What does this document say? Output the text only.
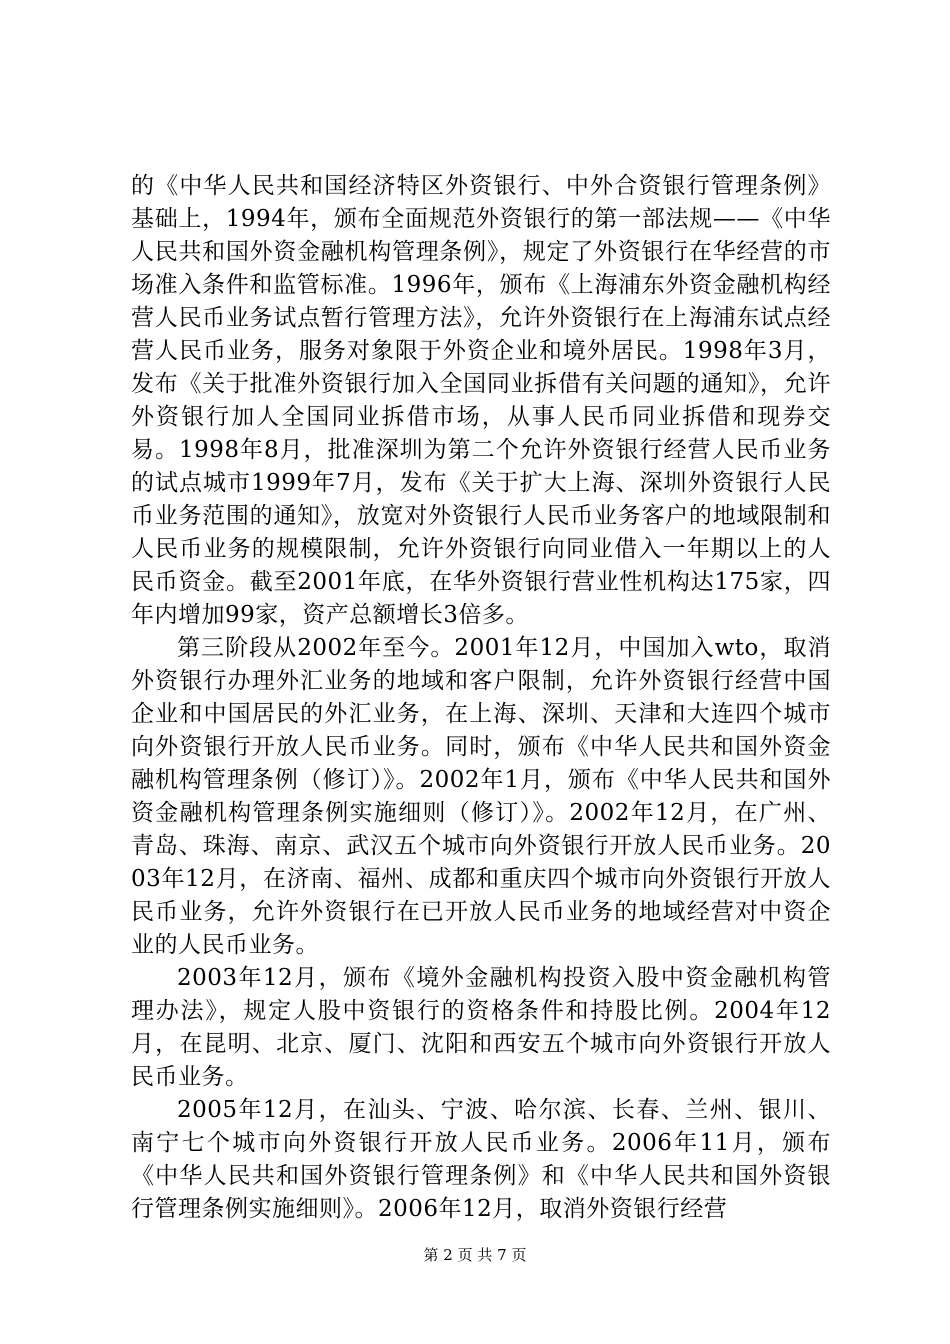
的《中华人民共和国经济特区外资银行、中外合资银行管理条例》基础上，1994年，颁布全面规范外资银行的第一部法规——《中华人民共和国外资金融机构管理条例》，规定了外资银行在华经营的市场准入条件和监管标准。1996年，颁布《上海浦东外资金融机构经营人民币业务试点暂行管理方法》，允许外资银行在上海浦东试点经营人民币业务，服务对象限于外资企业和境外居民。1998年3月，发布《关于批准外资银行加入全国同业拆借有关问题的通知》，允许外资银行加人全国同业拆借市场，从事人民币同业拆借和现券交易。1998年8月，批准深圳为第二个允许外资银行经营人民币业务的试点城市1999年7月，发布《关于扩大上海、深圳外资银行人民币业务范围的通知》，放宽对外资银行人民币业务客户的地域限制和人民币业务的规模限制，允许外资银行向同业借入一年期以上的人民币资金。截至2001年底，在华外资银行营业性机构达175家，四年内增加99家，资产总额增长3倍多。

第三阶段从2002年至今。2001年12月，中国加入wto，取消外资银行办理外汇业务的地域和客户限制，允许外资银行经营中国企业和中国居民的外汇业务，在上海、深圳、天津和大连四个城市向外资银行开放人民币业务。同时，颁布《中华人民共和国外资金融机构管理条例（修订）》。2002年1月，颁布《中华人民共和国外资金融机构管理条例实施细则（修订）》。2002年12月，在广州、青岛、珠海、南京、武汉五个城市向外资银行开放人民币业务。2003年12月，在济南、福州、成都和重庆四个城市向外资银行开放人民币业务，允许外资银行在已开放人民币业务的地域经营对中资企业的人民币业务。

2003年12月，颁布《境外金融机构投资入股中资金融机构管理办法》，规定人股中资银行的资格条件和持股比例。2004年12月，在昆明、北京、厦门、沈阳和西安五个城市向外资银行开放人民币业务。

2005年12月，在汕头、宁波、哈尔滨、长春、兰州、银川、南宁七个城市向外资银行开放人民币业务。2006年11月，颁布《中华人民共和国外资银行管理条例》和《中华人民共和国外资银行管理条例实施细则》。2006年12月，取消外资银行经营

第 2 页 共 7 页
